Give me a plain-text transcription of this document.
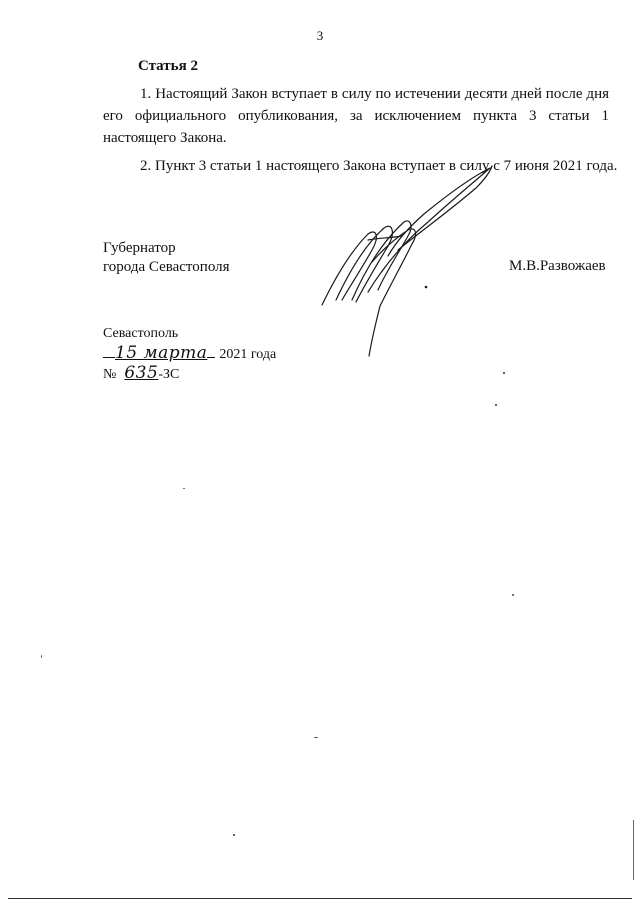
3
Статья 2
1. Настоящий Закон вступает в силу по истечении десяти дней после дня его официального опубликования, за исключением пункта 3 статьи 1 настоящего Закона.
2. Пункт 3 статьи 1 настоящего Закона вступает в силу с 7 июня 2021 года.
Губернатор
города Севастополя	М.В.Развожаев
Севастополь
15 марта 2021 года
№ 635-ЗС
